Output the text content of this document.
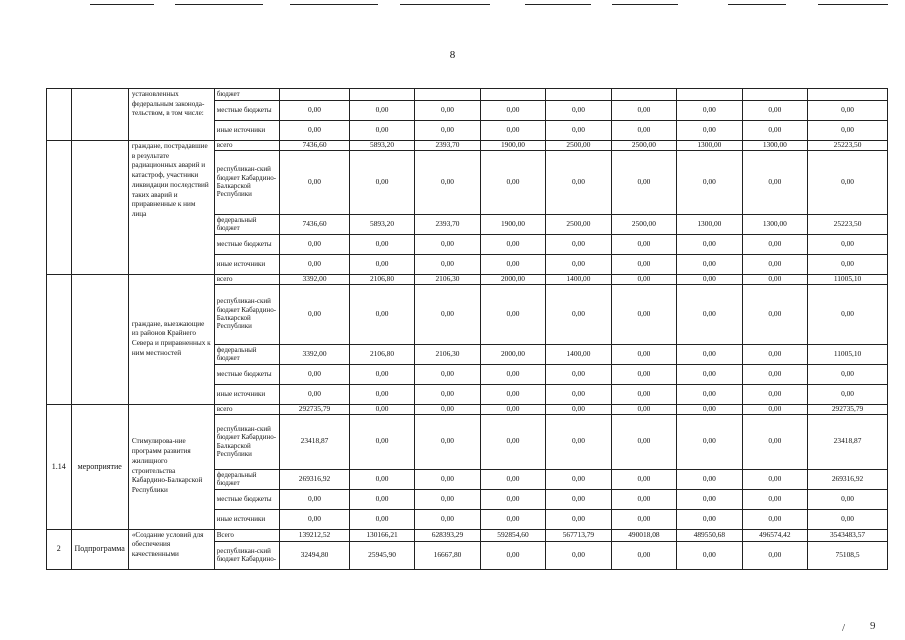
8
		установленных федеральным законода-тельством, в том числе:	бюджет									
			местные бюджеты	0,00	0,00	0,00	0,00	0,00	0,00	0,00	0,00	0,00
			иные источники	0,00	0,00	0,00	0,00	0,00	0,00	0,00	0,00	0,00
		граждане, пострадавшие в результате радиационных аварий и катастроф, участники ликвидации последствий таких аварий и приравненные к ним лица	всего	7436,60	5893,20	2393,70	1900,00	2500,00	2500,00	1300,00	1300,00	25223,50
			республикан-ский бюджет Кабардино-Балкарской Республики	0,00	0,00	0,00	0,00	0,00	0,00	0,00	0,00	0,00
			федеральный бюджет	7436,60	5893,20	2393,70	1900,00	2500,00	2500,00	1300,00	1300,00	25223,50
			местные бюджеты	0,00	0,00	0,00	0,00	0,00	0,00	0,00	0,00	0,00
			иные источники	0,00	0,00	0,00	0,00	0,00	0,00	0,00	0,00	0,00
		граждане, выезжающие из районов Крайнего Севера и приравненных к ним местностей	всего	3392,00	2106,80	2106,30	2000,00	1400,00	0,00	0,00	0,00	11005,10
			республикан-ский бюджет Кабардино-Балкарской Республики	0,00	0,00	0,00	0,00	0,00	0,00	0,00	0,00	0,00
			федеральный бюджет	3392,00	2106,80	2106,30	2000,00	1400,00	0,00	0,00	0,00	11005,10
			местные бюджеты	0,00	0,00	0,00	0,00	0,00	0,00	0,00	0,00	0,00
			иные источники	0,00	0,00	0,00	0,00	0,00	0,00	0,00	0,00	0,00
1.14	мероприятие	Стимулирова-ние программ развития жилищного строительства Кабардино-Балкарской Республики	всего	292735,79	0,00	0,00	0,00	0,00	0,00	0,00	0,00	292735,79
			республикан-ский бюджет Кабардино-Балкарской Республики	23418,87	0,00	0,00	0,00	0,00	0,00	0,00	0,00	23418,87
			федеральный бюджет	269316,92	0,00	0,00	0,00	0,00	0,00	0,00	0,00	269316,92
			местные бюджеты	0,00	0,00	0,00	0,00	0,00	0,00	0,00	0,00	0,00
			иные источники	0,00	0,00	0,00	0,00	0,00	0,00	0,00	0,00	0,00
2	Подпрограмма	«Создание условий для обеспечения качественными	Всего	139212,52	130166,21	628393,29	592854,60	567713,79	490018,08	489550,68	496574,42	3543483,57
			республикан-ский бюджет Кабардино-	32494,80	25945,90	16667,80	0,00	0,00	0,00	0,00	0,00	75108,5
/ 9
